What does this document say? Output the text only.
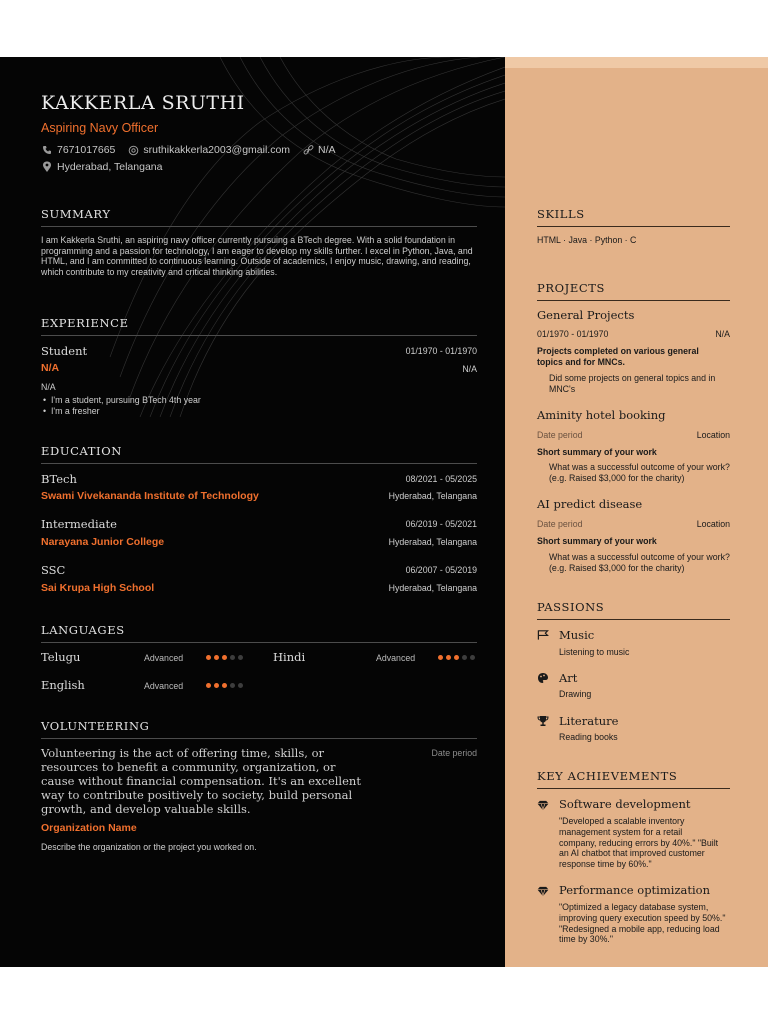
KAKKERLA SRUTHI
Aspiring Navy Officer
7671017665	sruthikakkerla2003@gmail.com	N/A
Hyderabad, Telangana
SUMMARY
I am Kakkerla Sruthi, an aspiring navy officer currently pursuing a BTech degree. With a solid foundation in programming and a passion for technology, I am eager to develop my skills further. I excel in Python, Java, and HTML, and I am committed to continuous learning. Outside of academics, I enjoy music, drawing, and reading, which contribute to my creativity and critical thinking abilities.
EXPERIENCE
Student	01/1970 - 01/1970
N/A	N/A
N/A
•  I'm a student, pursuing BTech 4th year
•  I'm a fresher
EDUCATION
BTech	08/2021 - 05/2025
Swami Vivekananda Institute of Technology	Hyderabad, Telangana
Intermediate	06/2019 - 05/2021
Narayana Junior College	Hyderabad, Telangana
SSC	06/2007 - 05/2019
Sai Krupa High School	Hyderabad, Telangana
LANGUAGES
Telugu	Advanced	Hindi	Advanced
English	Advanced
VOLUNTEERING
Volunteering is the act of offering time, skills, or resources to benefit a community, organization, or cause without financial compensation. It's an excellent way to contribute positively to society, build personal growth, and develop valuable skills.
Date period
Organization Name
Describe the organization or the project you worked on.
SKILLS
HTML · Java · Python · C
PROJECTS
General Projects
01/1970 - 01/1970	N/A
Projects completed on various general topics and for MNCs.
Did some projects on general topics and in MNC's
Aminity hotel booking
Date period	Location
Short summary of your work
What was a successful outcome of your work? (e.g. Raised $3,000 for the charity)
AI predict disease
Date period	Location
Short summary of your work
What was a successful outcome of your work? (e.g. Raised $3,000 for the charity)
PASSIONS
Music
Listening to music
Art
Drawing
Literature
Reading books
KEY ACHIEVEMENTS
Software development
"Developed a scalable inventory management system for a retail company, reducing errors by 40%." "Built an AI chatbot that improved customer response time by 60%."
Performance optimization
"Optimized a legacy database system, improving query execution speed by 50%." "Redesigned a mobile app, reducing load time by 30%."
